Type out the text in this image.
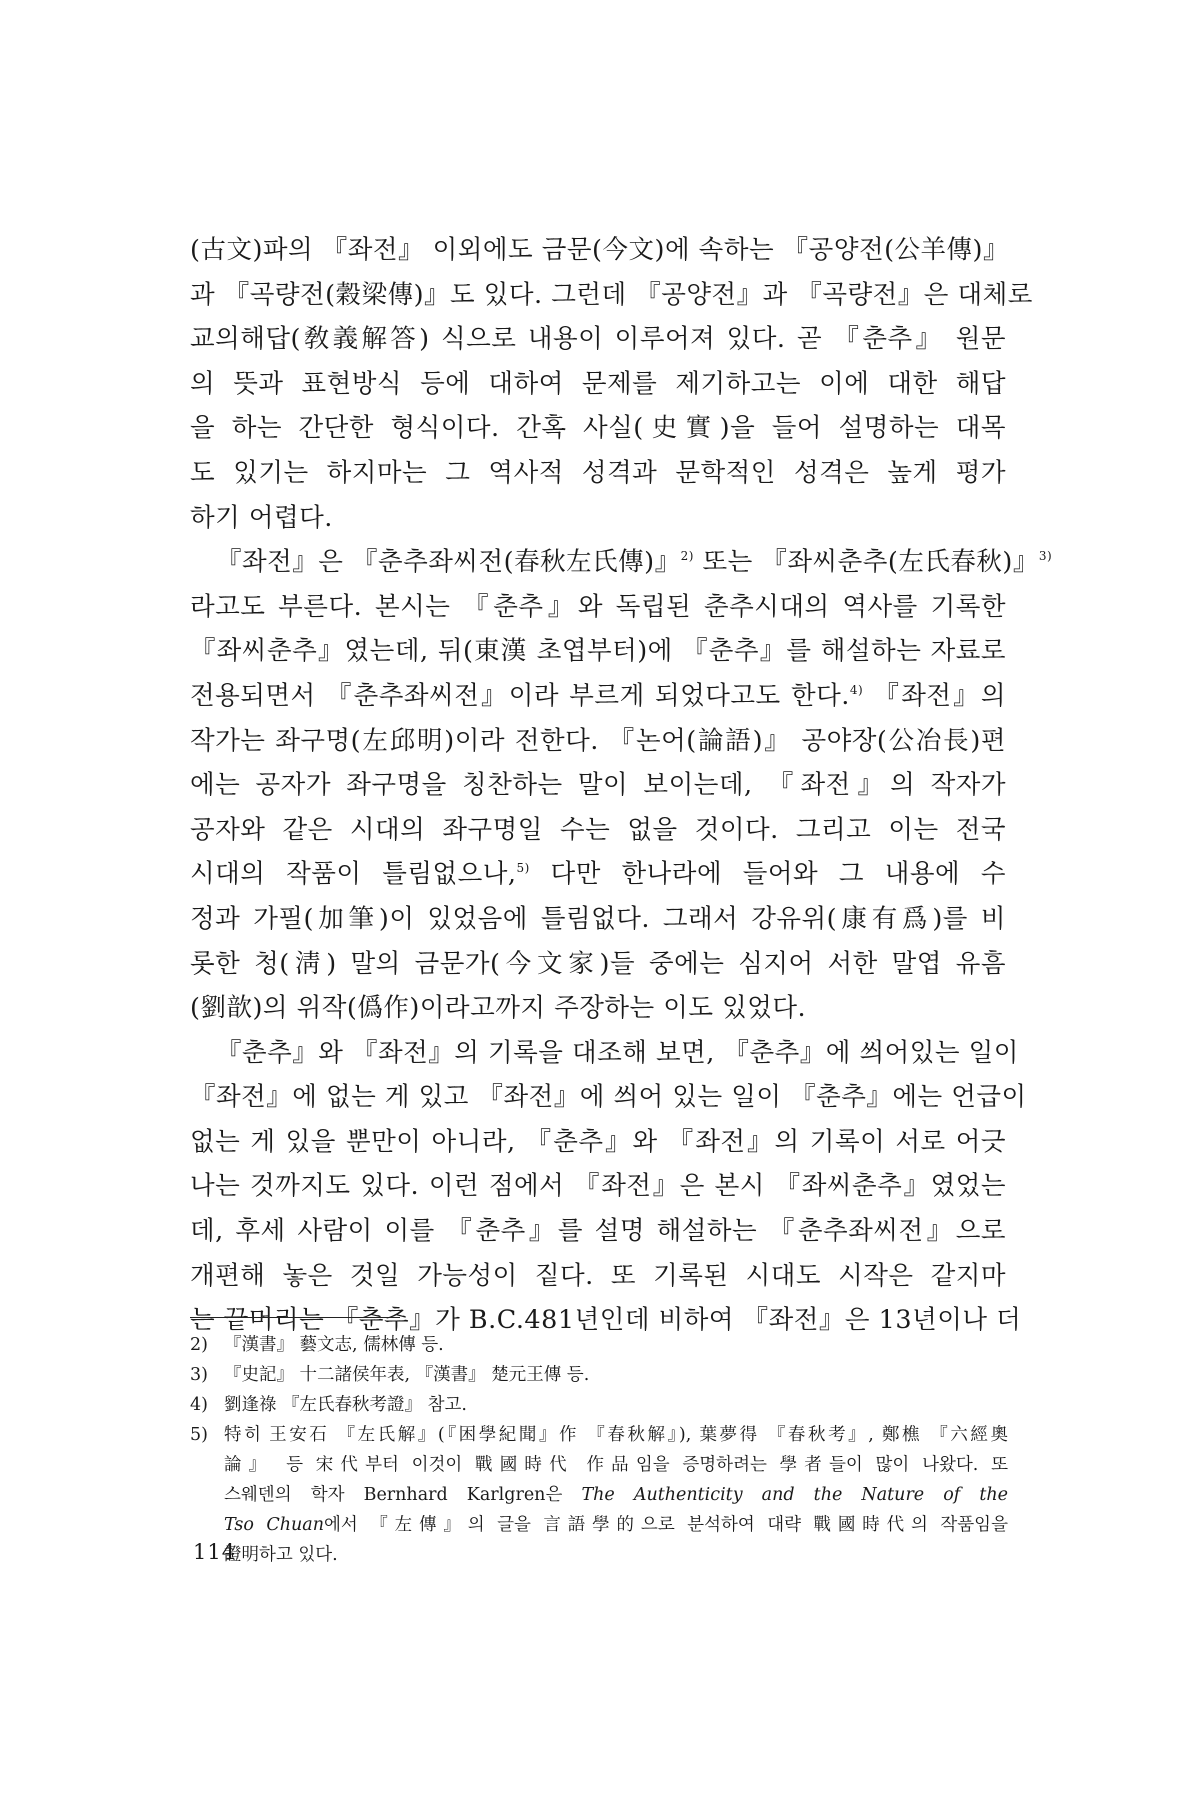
(古文)파의 『좌전』 이외에도 금문(今文)에 속하는 『공양전(公羊傳)』

과 『곡량전(穀梁傳)』도 있다. 그런데 『공양전』과 『곡량전』은 대체로

교의해답(敎義解答) 식으로 내용이 이루어져 있다. 곧 『춘추』 원문

의 뜻과 표현방식 등에 대하여 문제를 제기하고는 이에 대한 해답

을 하는 간단한 형식이다. 간혹 사실(史實)을 들어 설명하는 대목

도 있기는 하지마는 그 역사적 성격과 문학적인 성격은 높게 평가

하기 어렵다.

『좌전』은 『춘추좌씨전(春秋左氏傳)』$^{2)}$ 또는 『좌씨춘추(左氏春秋)』$^{3)}$

라고도 부른다. 본시는 『춘추』와 독립된 춘추시대의 역사를 기록한

『좌씨춘추』였는데, 뒤(東漢 초엽부터)에 『춘추』를 해설하는 자료로

전용되면서 『춘추좌씨전』이라 부르게 되었다고도 한다.$^{4)}$ 『좌전』의

작가는 좌구명(左邱明)이라 전한다. 『논어(論語)』 공야장(公冶長)편

에는 공자가 좌구명을 칭찬하는 말이 보이는데, 『좌전』의 작자가

공자와 같은 시대의 좌구명일 수는 없을 것이다. 그리고 이는 전국

시대의 작품이 틀림없으나,$^{5)}$ 다만 한나라에 들어와 그 내용에 수

정과 가필(加筆)이 있었음에 틀림없다. 그래서 강유위(康有爲)를 비

롯한 청(淸) 말의 금문가(今文家)들 중에는 심지어 서한 말엽 유흠

(劉歆)의 위작(僞作)이라고까지 주장하는 이도 있었다.

『춘추』와 『좌전』의 기록을 대조해 보면, 『춘추』에 씌어있는 일이

『좌전』에 없는 게 있고 『좌전』에 씌어 있는 일이 『춘추』에는 언급이

없는 게 있을 뿐만이 아니라, 『춘추』와 『좌전』의 기록이 서로 어긋

나는 것까지도 있다. 이런 점에서 『좌전』은 본시 『좌씨춘추』였었는

데, 후세 사람이 이를 『춘추』를 설명 해설하는 『춘추좌씨전』으로

개편해 놓은 것일 가능성이 짙다. 또 기록된 시대도 시작은 같지마

는 끝머리는 『춘추』가 B.C.481년인데 비하여 『좌전』은 13년이나 더

2) 『漢書』 藝文志, 儒林傳 등.
3) 『史記』 十二諸侯年表, 『漢書』 楚元王傳 등.
4) 劉逢祿 『左氏春秋考證』 참고.
5) 特히 王安石 『左氏解』(『困學紀聞』作 『春秋解』), 葉夢得 『春秋考』, 鄭樵 『六經奧
論』 등 宋代부터 이것이 戰國時代 作品임을 증명하려는 學者들이 많이 나왔다. 또
스웨덴의 학자 Bernhard Karlgren은 The Authenticity and the Nature of the
Tso Chuan에서 『左傳』의 글을 言語學的으로 분석하여 대략 戰國時代의 작품임을
證明하고 있다.
114
